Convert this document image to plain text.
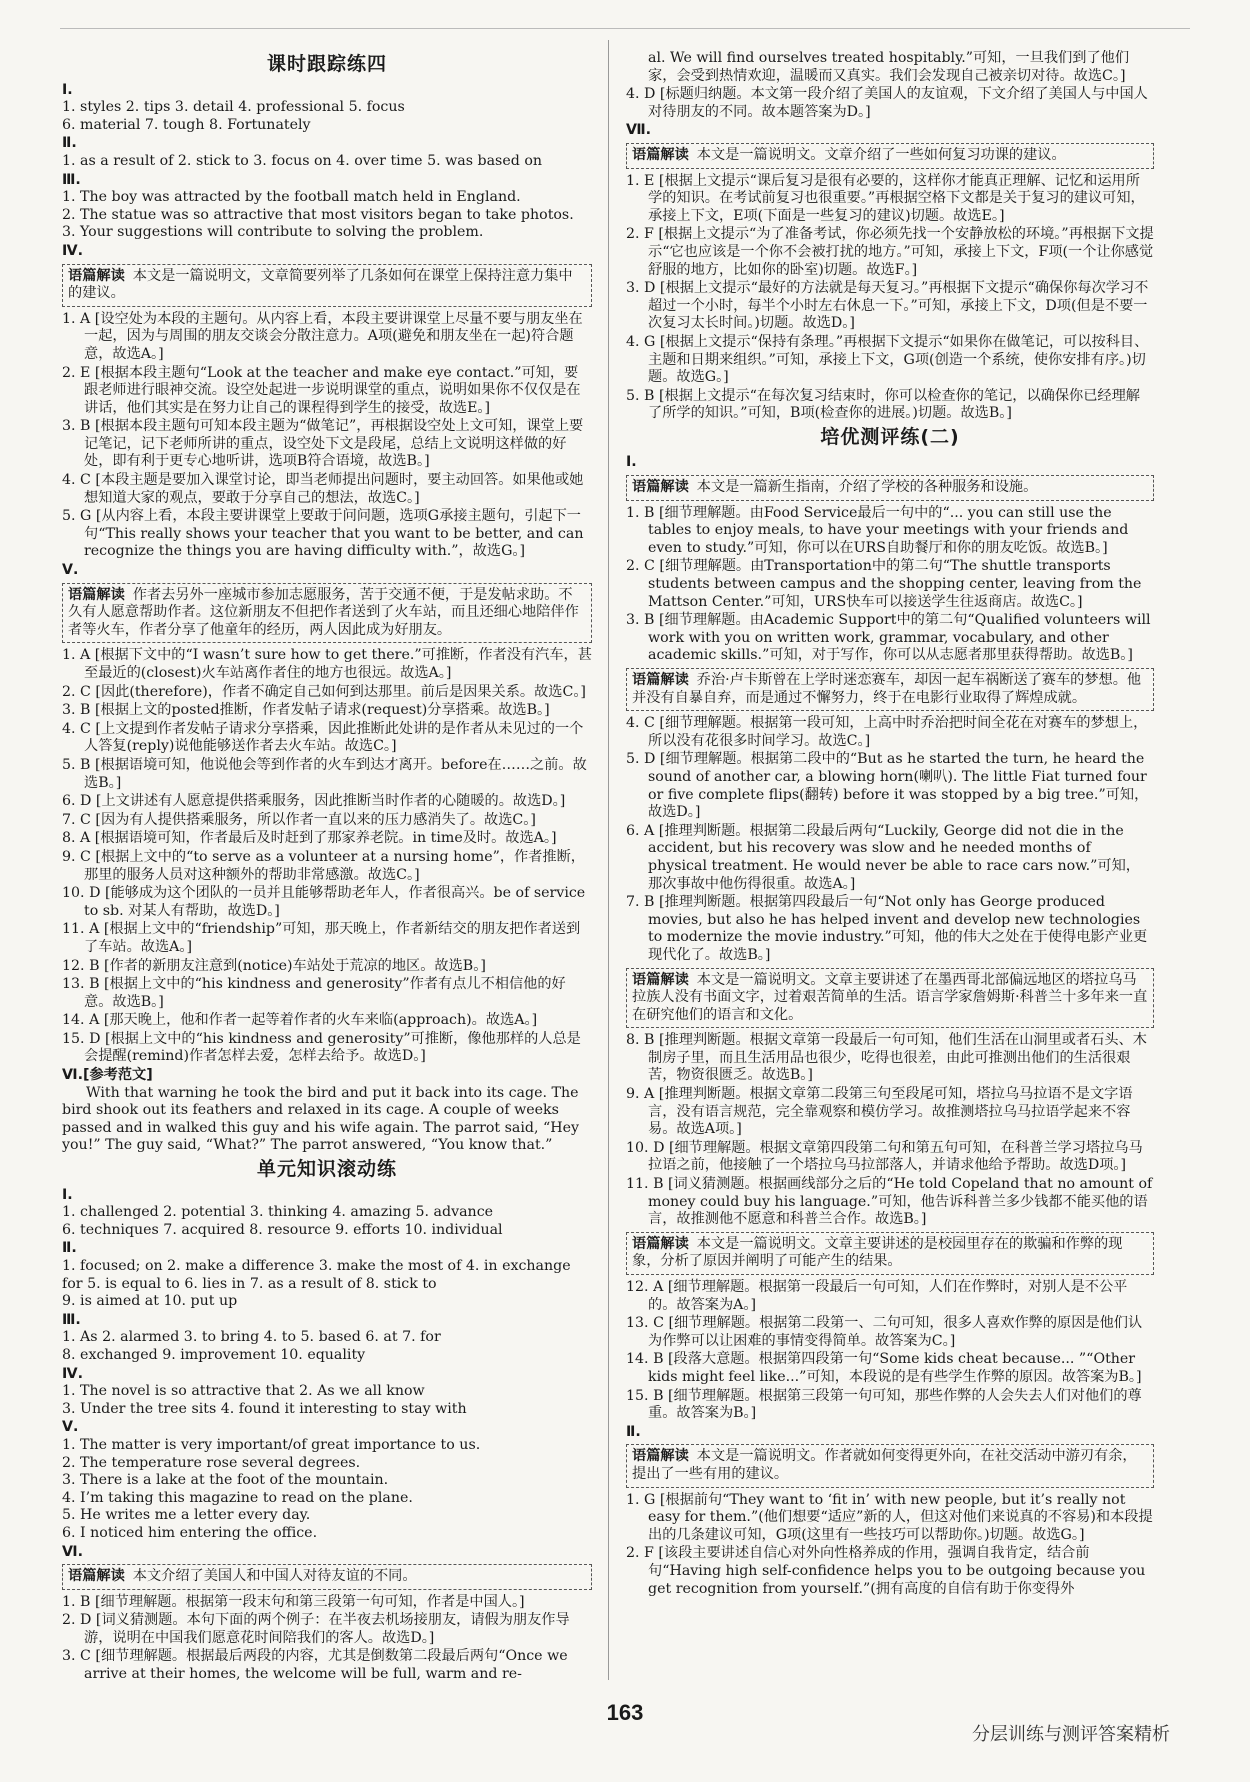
课时跟踪练四
Ⅰ.

1. styles 2. tips 3. detail 4. professional 5. focus

6. material 7. tough 8. Fortunately

Ⅱ.

1. as a result of 2. stick to 3. focus on 4. over time 5. was based on

Ⅲ.

1. The boy was attracted by the football match held in England.

2. The statue was so attractive that most visitors began to take photos.

3. Your suggestions will contribute to solving the problem.

Ⅳ.
语篇解读 本文是一篇说明文，文章简要列举了几条如何在课堂上保持注意力集中的建议。

1. A [设空处为本段的主题句。从内容上看，本段主要讲课堂上尽量不要与朋友坐在一起，因为与周围的朋友交谈会分散注意力。A项(避免和朋友坐在一起)符合题意，故选A。]

2. E [根据本段主题句“Look at the teacher and make eye contact.”可知，要跟老师进行眼神交流。设空处起进一步说明课堂的重点，说明如果你不仅仅是在讲话，他们其实是在努力让自己的课程得到学生的接受，故选E。]

3. B [根据本段主题句可知本段主题为“做笔记”，再根据设空处上文可知，课堂上要记笔记，记下老师所讲的重点，设空处下文是段尾，总结上文说明这样做的好处，即有利于更专心地听讲，选项B符合语境，故选B。]

4. C [本段主题是要加入课堂讨论，即当老师提出问题时，要主动回答。如果他或她想知道大家的观点，要敢于分享自己的想法，故选C。]

5. G [从内容上看，本段主要讲课堂上要敢于问问题，选项G承接主题句，引起下一句“This really shows your teacher that you want to be better, and can recognize the things you are having difficulty with.”，故选G。]

Ⅴ.
语篇解读 作者去另外一座城市参加志愿服务，苦于交通不便，于是发帖求助。不久有人愿意帮助作者。这位新朋友不但把作者送到了火车站，而且还细心地陪伴作者等火车，作者分享了他童年的经历，两人因此成为好朋友。

1. A [根据下文中的“I wasn’t sure how to get there.”可推断，作者没有汽车，甚至最近的(closest)火车站离作者住的地方也很远。故选A。]

2. C [因此(therefore)，作者不确定自己如何到达那里。前后是因果关系。故选C。]

3. B [根据上文的posted推断，作者发帖子请求(request)分享搭乘。故选B。]

4. C [上文提到作者发帖子请求分享搭乘，因此推断此处讲的是作者从未见过的一个人答复(reply)说他能够送作者去火车站。故选C。]

5. B [根据语境可知，他说他会等到作者的火车到达才离开。before在……之前。故选B。]

6. D [上文讲述有人愿意提供搭乘服务，因此推断当时作者的心随暖的。故选D。]

7. C [因为有人提供搭乘服务，所以作者一直以来的压力感消失了。故选C。]

8. A [根据语境可知，作者最后及时赶到了那家养老院。in time及时。故选A。]

9. C [根据上文中的“to serve as a volunteer at a nursing home”，作者推断，那里的服务人员对这种额外的帮助非常感激。故选C。]

10. D [能够成为这个团队的一员并且能够帮助老年人，作者很高兴。be of service to sb. 对某人有帮助，故选D。]

11. A [根据上文中的“friendship”可知，那天晚上，作者新结交的朋友把作者送到了车站。故选A。]

12. B [作者的新朋友注意到(notice)车站处于荒凉的地区。故选B。]

13. B [根据上文中的“his kindness and generosity”作者有点儿不相信他的好意。故选B。]

14. A [那天晚上，他和作者一起等着作者的火车来临(approach)。故选A。]

15. D [根据上文中的“his kindness and generosity”可推断，像他那样的人总是会提醒(remind)作者怎样去爱，怎样去给予。故选D。]

Ⅵ.[参考范文]

With that warning he took the bird and put it back into its cage. The bird shook out its feathers and relaxed in its cage. A couple of weeks passed and in walked this guy and his wife again. The parrot said, “Hey you!” The guy said, “What?” The parrot answered, “You know that.”

单元知识滚动练
Ⅰ.

1. challenged 2. potential 3. thinking 4. amazing 5. advance

6. techniques 7. acquired 8. resource 9. efforts 10. individual

Ⅱ.

1. focused; on 2. make a difference 3. make the most of 4. in exchange for 5. is equal to 6. lies in 7. as a result of 8. stick to

9. is aimed at 10. put up

Ⅲ.

1. As 2. alarmed 3. to bring 4. to 5. based 6. at 7. for

8. exchanged 9. improvement 10. equality

Ⅳ.

1. The novel is so attractive that 2. As we all know

3. Under the tree sits 4. found it interesting to stay with

Ⅴ.

1. The matter is very important/of great importance to us.

2. The temperature rose several degrees.

3. There is a lake at the foot of the mountain.

4. I’m taking this magazine to read on the plane.

5. He writes me a letter every day.

6. I noticed him entering the office.

Ⅵ.
语篇解读 本文介绍了美国人和中国人对待友谊的不同。

1. B [细节理解题。根据第一段末句和第三段第一句可知，作者是中国人。]

2. D [词义猜测题。本句下面的两个例子：在半夜去机场接朋友，请假为朋友作导游，说明在中国我们愿意花时间陪我们的客人。故选D。]

3. C [细节理解题。根据最后两段的内容，尤其是倒数第二段最后两句“Once we arrive at their homes, the welcome will be full, warm and re-

al. We will find ourselves treated hospitably.”可知，一旦我们到了他们家，会受到热情欢迎，温暖而又真实。我们会发现自己被亲切对待。故选C。]

4. D [标题归纳题。本文第一段介绍了美国人的友谊观，下文介绍了美国人与中国人对待朋友的不同。故本题答案为D。]

Ⅶ.
语篇解读 本文是一篇说明文。文章介绍了一些如何复习功课的建议。

1. E [根据上文提示“课后复习是很有必要的，这样你才能真正理解、记忆和运用所学的知识。在考试前复习也很重要。”再根据空格下文都是关于复习的建议可知，承接上下文，E项(下面是一些复习的建议)切题。故选E。]

2. F [根据上文提示“为了准备考试，你必须先找一个安静放松的环境。”再根据下文提示“它也应该是一个你不会被打扰的地方。”可知，承接上下文，F项(一个让你感觉舒服的地方，比如你的卧室)切题。故选F。]

3. D [根据上文提示“最好的方法就是每天复习。”再根据下文提示“确保你每次学习不超过一个小时，每半个小时左右休息一下。”可知，承接上下文，D项(但是不要一次复习太长时间。)切题。故选D。]

4. G [根据上文提示“保持有条理。”再根据下文提示“如果你在做笔记，可以按科目、主题和日期来组织。”可知，承接上下文，G项(创造一个系统，使你安排有序。)切题。故选G。]

5. B [根据上文提示“在每次复习结束时，你可以检查你的笔记，以确保你已经理解了所学的知识。”可知，B项(检查你的进展。)切题。故选B。]

培优测评练(二)
Ⅰ.
语篇解读 本文是一篇新生指南，介绍了学校的各种服务和设施。

1. B [细节理解题。由Food Service最后一句中的“... you can still use the tables to enjoy meals, to have your meetings with your friends and even to study.”可知，你可以在URS自助餐厅和你的朋友吃饭。故选B。]

2. C [细节理解题。由Transportation中的第二句“The shuttle transports students between campus and the shopping center, leaving from the Mattson Center.”可知，URS快车可以接送学生往返商店。故选C。]

3. B [细节理解题。由Academic Support中的第二句“Qualified volunteers will work with you on written work, grammar, vocabulary, and other academic skills.”可知，对于写作，你可以从志愿者那里获得帮助。故选B。]

语篇解读 乔治·卢卡斯曾在上学时迷恋赛车，却因一起车祸断送了赛车的梦想。他并没有自暴自弃，而是通过不懈努力，终于在电影行业取得了辉煌成就。

4. C [细节理解题。根据第一段可知，上高中时乔治把时间全花在对赛车的梦想上，所以没有花很多时间学习。故选C。]

5. D [细节理解题。根据第二段中的“But as he started the turn, he heard the sound of another car, a blowing horn(喇叭). The little Fiat turned four or five complete flips(翻转) before it was stopped by a big tree.”可知，故选D。]

6. A [推理判断题。根据第二段最后两句“Luckily, George did not die in the accident, but his recovery was slow and he needed months of physical treatment. He would never be able to race cars now.”可知，那次事故中他伤得很重。故选A。]

7. B [推理判断题。根据第四段最后一句“Not only has George produced movies, but also he has helped invent and develop new technologies to modernize the movie industry.”可知，他的伟大之处在于使得电影产业更现代化了。故选B。]

语篇解读 本文是一篇说明文。文章主要讲述了在墨西哥北部偏远地区的塔拉乌马拉族人没有书面文字，过着艰苦简单的生活。语言学家詹姆斯·科普兰十多年来一直在研究他们的语言和文化。

8. B [推理判断题。根据文章第一段最后一句可知，他们生活在山洞里或者石头、木制房子里，而且生活用品也很少，吃得也很差，由此可推测出他们的生活很艰苦，物资很匮乏。故选B。]

9. A [推理判断题。根据文章第二段第三句至段尾可知，塔拉乌马拉语不是文字语言，没有语言规范，完全靠观察和模仿学习。故推测塔拉乌马拉语学起来不容易。故选A项。]

10. D [细节理解题。根据文章第四段第二句和第五句可知，在科普兰学习塔拉乌马拉语之前，他接触了一个塔拉乌马拉部落人，并请求他给予帮助。故选D项。]

11. B [词义猜测题。根据画线部分之后的“He told Copeland that no amount of money could buy his language.”可知，他告诉科普兰多少钱都不能买他的语言，故推测他不愿意和科普兰合作。故选B。]

语篇解读 本文是一篇说明文。文章主要讲述的是校园里存在的欺骗和作弊的现象，分析了原因并阐明了可能产生的结果。

12. A [细节理解题。根据第一段最后一句可知，人们在作弊时，对别人是不公平的。故答案为A。]

13. C [细节理解题。根据第二段第一、二句可知，很多人喜欢作弊的原因是他们认为作弊可以让困难的事情变得简单。故答案为C。]

14. B [段落大意题。根据第四段第一句“Some kids cheat because... ”“Other kids might feel like...”可知，本段说的是有些学生作弊的原因。故答案为B。]

15. B [细节理解题。根据第三段第一句可知，那些作弊的人会失去人们对他们的尊重。故答案为B。]

Ⅱ.
语篇解读 本文是一篇说明文。作者就如何变得更外向，在社交活动中游刃有余，提出了一些有用的建议。

1. G [根据前句“They want to ‘fit in’ with new people, but it’s really not easy for them.”(他们想要“适应”新的人，但这对他们来说真的不容易)和本段提出的几条建议可知，G项(这里有一些技巧可以帮助你。)切题。故选G。]

2. F [该段主要讲述自信心对外向性格养成的作用，强调自我肯定，结合前句“Having high self-confidence helps you to be outgoing because you get recognition from yourself.”(拥有高度的自信有助于你变得外

163
分层训练与测评答案精析
